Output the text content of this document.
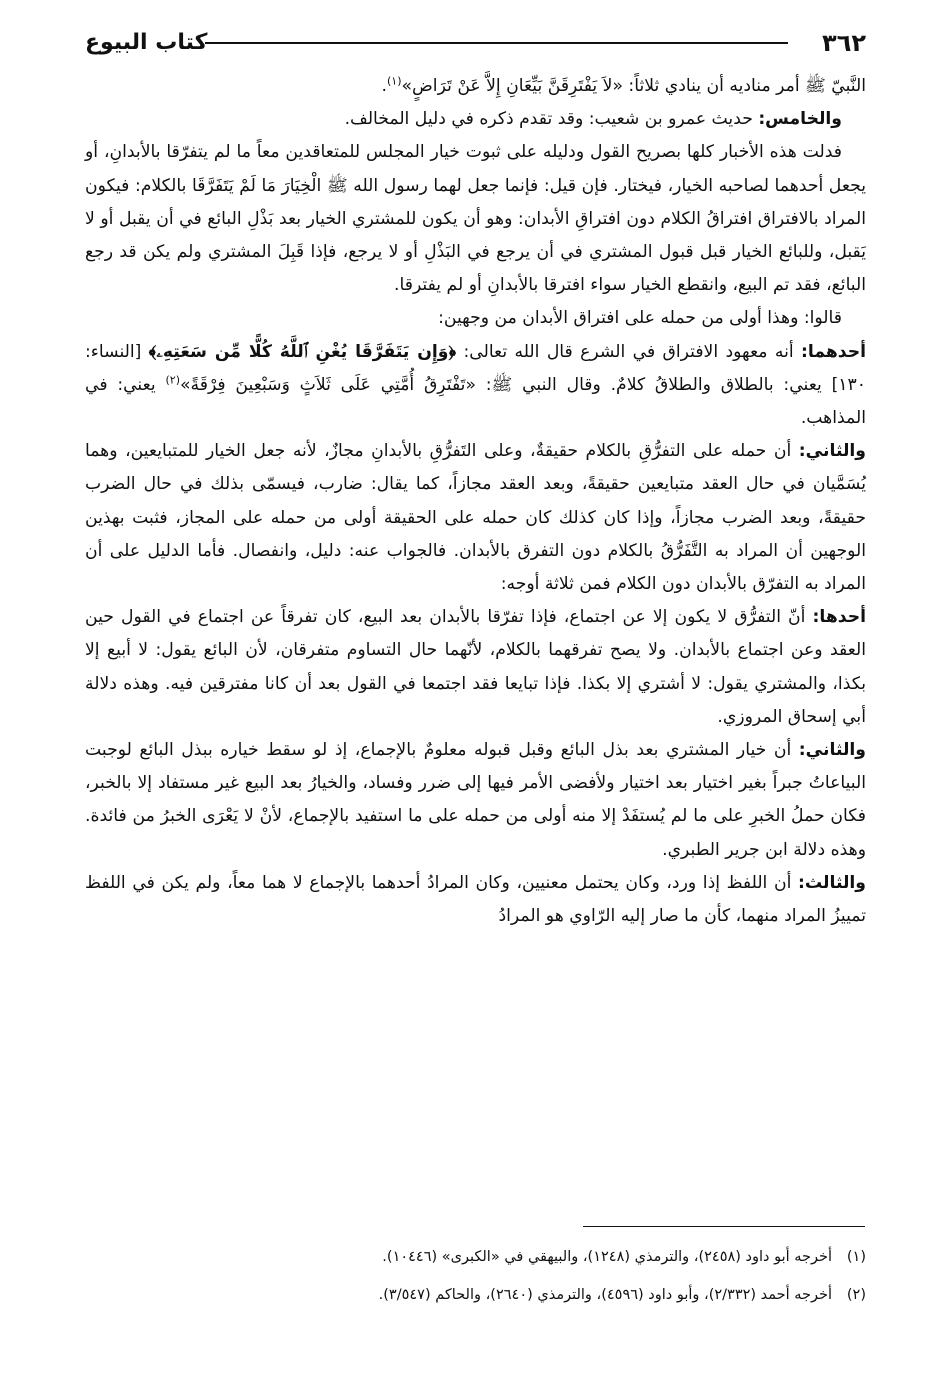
٣٦٢
كتاب البيوع

النَّبيّ ﷺ أمر مناديه أن ينادي ثلاثاً: «لاَ يَفْتَرِقَنَّ بَيِّعَانِ إِلاَّ عَنْ تَرَاضٍ»$^{(١)}$.

والخامس: حديث عمرو بن شعيب: وقد تقدم ذكره في دليل المخالف.

فدلت هذه الأخبار كلها بصريح القول ودليله على ثبوت خيار المجلس للمتعاقدين معاً ما لم يتفرّقا بالأبدانِ، أو يجعل أحدهما لصاحبه الخيار، فيختار. فإن قيل: فإنما جعل لهما رسول الله ﷺ الْخِيَارَ مَا لَمْ يَتَفَرَّقَا بالكلام: فيكون المراد بالافتراق افتراقُ الكلام دون افتراقِ الأبدان: وهو أن يكون للمشتري الخيار بعد بَذْلِ البائع في أن يقبل أو لا يَقبل، وللبائع الخيار قبل قبول المشتري في أن يرجع في البَذْلِ أو لا يرجع، فإذا قَبِلَ المشتري ولم يكن قد رجع البائع، فقد تم البيع، وانقطع الخيار سواء افترقا بالأبدانِ أو لم يفترقا.

قالوا: وهذا أولى من حمله على افتراق الأبدان من وجهين:

أحدهما: أنه معهود الافتراق في الشرع قال الله تعالى: ﴿وَإِن يَتَفَرَّقَا يُغْنِ ٱللَّهُ كُلًّا مِّن سَعَتِهِۦ﴾ [النساء: ١٣٠] يعني: بالطلاق والطلاقُ كلامٌ. وقال النبي ﷺ: «تَفْتَرِقُ أُمَّتِي عَلَى ثَلاَثٍ وَسَبْعِينَ فِرْقَةً»$^{(٢)}$ يعني: في المذاهب.

والثاني: أن حمله على التفرُّقِ بالكلام حقيقةٌ، وعلى التَفرُّقِ بالأبدانِ مجازٌ، لأنه جعل الخيار للمتبايعين، وهما يُسَمَّيان في حال العقد متبايعين حقيقةً، وبعد العقد مجازاً، كما يقال: ضارب، فيسمّى بذلك في حال الضرب حقيقةً، وبعد الضرب مجازاً، وإذا كان كذلك كان حمله على الحقيقة أولى من حمله على المجاز، فثبت بهذين الوجهين أن المراد به التَّفَرُّقُ بالكلام دون التفرق بالأبدان. فالجواب عنه: دليل، وانفصال. فأما الدليل على أن المراد به التفرّق بالأبدان دون الكلام فمن ثلاثة أوجه:

أحدها: أنّ التفرُّق لا يكون إلا عن اجتماع، فإذا تفرّقا بالأبدان بعد البيع، كان تفرقاً عن اجتماع في القول حين العقد وعن اجتماع بالأبدان. ولا يصح تفرقهما بالكلام، لأنّهما حال التساوم متفرقان، لأن البائع يقول: لا أبيع إلا بكذا، والمشتري يقول: لا أشتري إلا بكذا. فإذا تبايعا فقد اجتمعا في القول بعد أن كانا مفترقين فيه. وهذه دلالة أبي إسحاق المروزي.

والثاني: أن خيار المشتري بعد بذل البائع وقبل قبوله معلومٌ بالإجماع، إذ لو سقط خياره ببذل البائع لوجبت البياعاتُ جبراً بغير اختيار بعد اختيار ولأفضى الأمر فيها إلى ضرر وفساد، والخيارُ بعد البيع غير مستفاد إلا بالخبر، فكان حملُ الخبرِ على ما لم يُستفَدْ إلا منه أولى من حمله على ما استفيد بالإجماع، لأنْ لا يَعْرَى الخبرُ من فائدة. وهذه دلالة ابن جرير الطبري.

والثالث: أن اللفظ إذا ورد، وكان يحتمل معنيين، وكان المرادُ أحدهما بالإجماع لا هما معاً، ولم يكن في اللفظ تمييزُ المراد منهما، كأن ما صار إليه الرّاوي هو المرادُ

(١)أخرجه أبو داود (٢٤٥٨)، والترمذي (١٢٤٨)، والبيهقي في «الكبرى» (١٠٤٤٦).

(٢)أخرجه أحمد (٢/٣٣٢)، وأبو داود (٤٥٩٦)، والترمذي (٢٦٤٠)، والحاكم (٣/٥٤٧).
